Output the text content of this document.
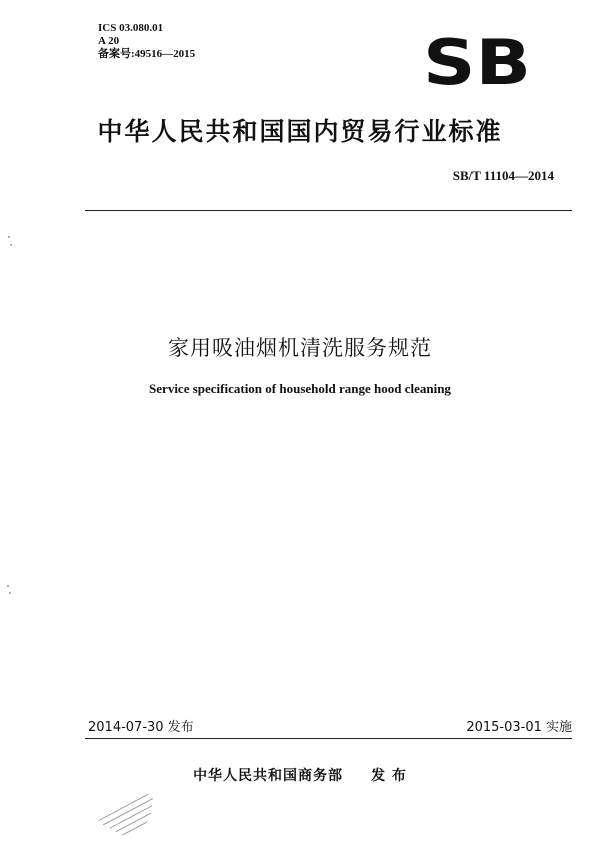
ICS 03.080.01
A 20
备案号:49516—2015	SB
中华人民共和国国内贸易行业标准
SB/T 11104—2014
家用吸油烟机清洗服务规范
Service specification of household range hood cleaning
2014-07-30 发布	2015-03-01 实施
中华人民共和国商务部 发 布
